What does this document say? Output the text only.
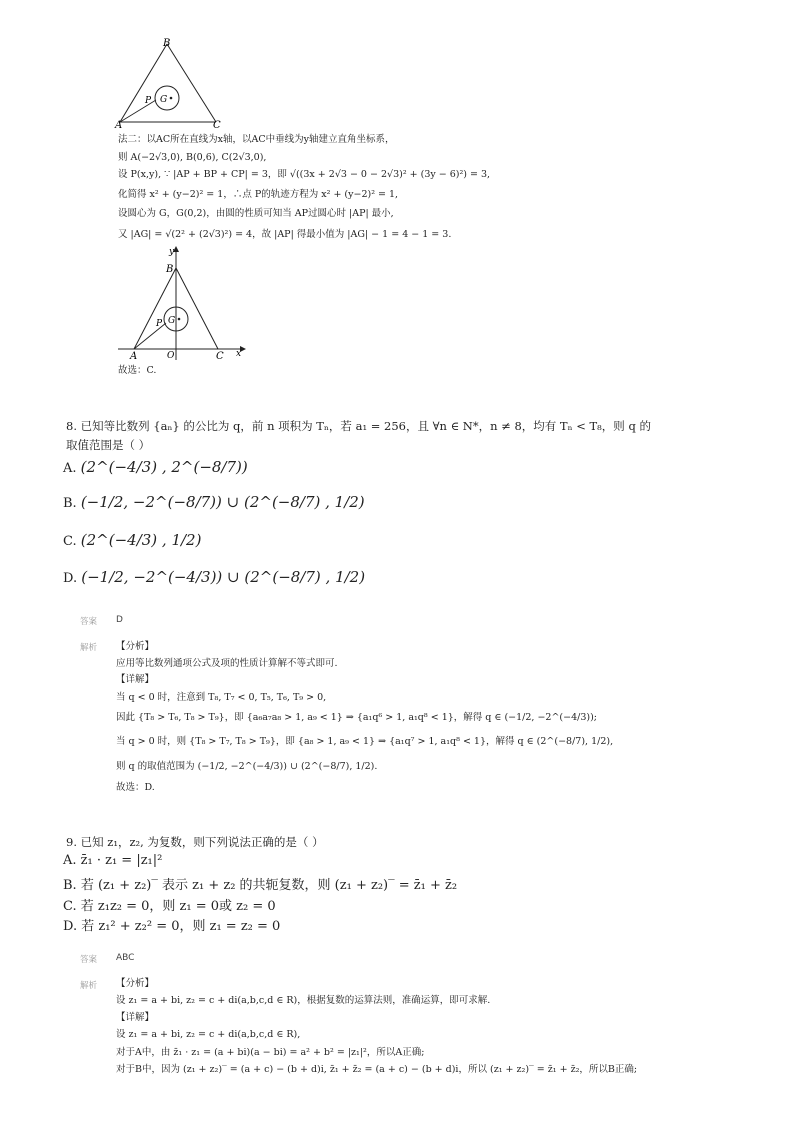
B
A	C
P G
法二：以AC所在直线为x轴，以AC中垂线为y轴建立直角坐标系，
则 A(−2√3,0), B(0,6), C(2√3,0),
设 P(x,y), ∵ |AP + BP + CP| = 3，即 √((3x + 2√3 − 0 − 2√3)² + (3y − 6)²) = 3,
化简得 x² + (y−2)² = 1，∴点 P的轨迹方程为 x² + (y−2)² = 1,
设圆心为 G，G(0,2)，由圆的性质可知当 AP过圆心时 |AP| 最小,
又 |AG| = √(2² + (2√3)²) = 4，故 |AP| 得最小值为 |AG| − 1 = 4 − 1 = 3.
y
B
G
P
A	O	C x
故选：C.
8. 已知等比数列 {aₙ} 的公比为 q，前 n 项积为 Tₙ，若 a₁ = 256，且 ∀n ∈ N*，n ≠ 8，均有 Tₙ < T₈，则 q 的
取值范围是（ ）
A. (2^(−4/3) , 2^(−8/7))
B. (−1/2, −2^(−8/7)) ∪ (2^(−8/7) , 1/2)
C. (2^(−4/3) , 1/2)
D. (−1/2, −2^(−4/3)) ∪ (2^(−8/7) , 1/2)
答案 D
解析 【分析】
应用等比数列通项公式及项的性质计算解不等式即可.
【详解】
当 q < 0 时，注意到 T₈, T₇ < 0, T₅, T₆, T₉ > 0,
因此 {T₈ > T₆, T₈ > T₉}，即 {a₆a₇a₈ > 1, a₉ < 1} ⇒ {a₁q⁶ > 1, a₁q⁸ < 1}，解得 q ∈ (−1/2, −2^(−4/3));
当 q > 0 时，则 {T₈ > T₇, T₈ > T₉}，即 {a₈ > 1, a₉ < 1} ⇒ {a₁q⁷ > 1, a₁q⁸ < 1}，解得 q ∈ (2^(−8/7), 1/2),
则 q 的取值范围为 (−1/2, −2^(−4/3)) ∪ (2^(−8/7), 1/2).
故选：D.
9. 已知 z₁，z₂, 为复数，则下列说法正确的是（ ）
A. z̄₁ · z₁ = |z₁|²
B. 若 (z₁ + z₂)‾ 表示 z₁ + z₂ 的共轭复数，则 (z₁ + z₂)‾ = z̄₁ + z̄₂
C. 若 z₁z₂ = 0，则 z₁ = 0或 z₂ = 0
D. 若 z₁² + z₂² = 0，则 z₁ = z₂ = 0
答案 ABC
解析 【分析】
设 z₁ = a + bi, z₂ = c + di(a,b,c,d ∈ R)，根据复数的运算法则，准确运算，即可求解.
【详解】
设 z₁ = a + bi, z₂ = c + di(a,b,c,d ∈ R),
对于A中，由 z̄₁ · z₁ = (a + bi)(a − bi) = a² + b² = |z₁|²，所以A正确;
对于B中，因为 (z₁ + z₂)‾ = (a + c) − (b + d)i, z̄₁ + z̄₂ = (a + c) − (b + d)i，所以 (z₁ + z₂)‾ = z̄₁ + z̄₂，所以B正确;
